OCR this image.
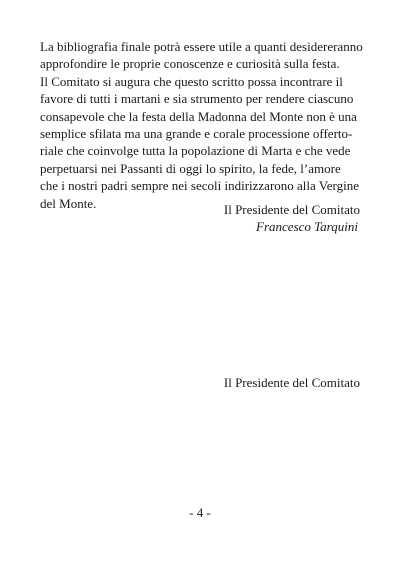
La bibliografia finale potrà essere utile a quanti desidereranno
approfondire le proprie conoscenze e curiosità sulla festa.
Il Comitato si augura che questo scritto possa incontrare il
favore di tutti i martani e sia strumento per rendere ciascuno
consapevole che la festa della Madonna del Monte non è una
semplice sfilata ma una grande e corale processione offerto-
riale che coinvolge tutta la popolazione di Marta e che vede
perpetuarsi nei Passanti di oggi lo spirito, la fede, l’amore
che i nostri padri sempre nei secoli indirizzarono alla Vergine
del Monte.	Il Presidente del Comitato
Francesco Tarquini
Il Presidente del Comitato
- 4 -
